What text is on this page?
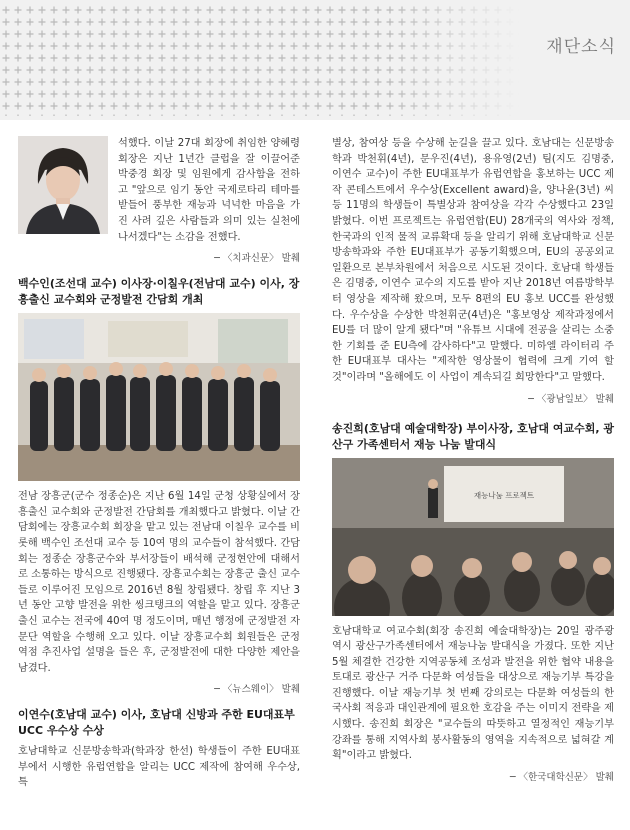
재단소식

석했다. 이날 27대 회장에 취임한 양혜령 회장은 지난 1년간 클럽을 잘 이끌어준 박중경 회장 및 임원에게 감사함을 전하고 "앞으로 임기 동안 국제로타리 테마를 받들어 풍부한 재능과 넉넉한 마음을 가진 사려 깊은 사람들과 의미 있는 실천에 나서겠다"는 소감을 전했다.

─ 〈치과신문〉 발췌

백수인(조선대 교수) 이사장·이칠우(전남대 교수) 이사, 장흥출신 교수회와 군정발전 간담회 개최

전남 장흥군(군수 정종순)은 지난 6월 14일 군청 상황실에서 장흥출신 교수회와 군정발전 간담회를 개최했다고 밝혔다. 이날 간담회에는 장흥교수회 회장을 맡고 있는 전남대 이칠우 교수를 비롯해 백수인 조선대 교수 등 10여 명의 교수들이 참석했다. 간담회는 정종순 장흥군수와 부서장들이 배석해 군정현안에 대해서로 소통하는 방식으로 진행됐다. 장흥교수회는 장흥군 출신 교수들로 이루어진 모임으로 2016년 8월 창립됐다. 창립 후 지난 3년 동안 고향 발전을 위한 씽크탱크의 역할을 맡고 있다. 장흥군 출신 교수는 전국에 40여 명 정도이며, 매년 행정에 군정발전 자문단 역할을 수행해 오고 있다. 이날 장흥교수회 회원들은 군정 역점 추진사업 설명을 들은 후, 군정발전에 대한 다양한 제안을 남겼다.

─ 〈뉴스웨이〉 발췌

이연수(호남대 교수) 이사, 호남대 신방과 주한 EU대표부 UCC 우수상 수상

호남대학교 신문방송학과(학과장 한선) 학생들이 주한 EU대표부에서 시행한 유럽연합을 알리는 UCC 제작에 참여해 우수상, 특

별상, 참여상 등을 수상해 눈길을 끌고 있다. 호남대는 신문방송학과 박천휘(4년), 문우진(4년), 용유영(2년) 팀(지도 김명중, 이연수 교수)이 주한 EU대표부가 유럽연합을 홍보하는 UCC 제작 콘테스트에서 우수상(Excellent award)을, 양나윤(3년) 씨 등 11명의 학생들이 특별상과 참여상을 각각 수상했다고 23일 밝혔다. 이번 프로젝트는 유럽연합(EU) 28개국의 역사와 정책, 한국과의 인적 물적 교류확대 등을 알리기 위해 호남대학교 신문방송학과와 주한 EU대표부가 공동기획했으며, EU의 공공외교 일환으로 본부차원에서 처음으로 시도된 것이다. 호남대 학생들은 김명중, 이연수 교수의 지도를 받아 지난 2018년 여름방학부터 영상을 제작해 왔으며, 모두 8편의 EU 홍보 UCC를 완성했다. 우수상을 수상한 박천휘군(4년)은 "홍보영상 제작과정에서 EU를 더 많이 알게 됐다"며 "유튜브 시대에 전공을 살리는 소중한 기회를 준 EU측에 감사하다"고 말했다. 미하엘 라이터리 주한 EU대표부 대사는 "제작한 영상물이 협력에 크게 기여 할 것"이라며 "올해에도 이 사업이 계속되길 희망한다"고 말했다.

─ 〈광남일보〉 발췌

송진희(호남대 예술대학장) 부이사장, 호남대 여교수회, 광산구 가족센터서 재능 나눔 발대식
재능나눔 프로젝트

호남대학교 여교수회(회장 송진희 예술대학장)는 20일 광주광역시 광산구가족센터에서 재능나눔 발대식을 가졌다. 또한 지난 5월 체결한 건강한 지역공동체 조성과 발전을 위한 협약 내용을 토대로 광산구 거주 다문화 여성들을 대상으로 재능기부 특강을 진행했다. 이날 재능기부 첫 번째 강의로는 다문화 여성들의 한국사회 적응과 대인관계에 필요한 호감을 주는 이미지 전략을 제시했다. 송진희 회장은 "교수들의 따뜻하고 열정적인 재능기부 강좌를 통해 지역사회 봉사활동의 영역을 지속적으로 넓혀갈 계획"이라고 밝혔다.

─ 〈한국대학신문〉 발췌
